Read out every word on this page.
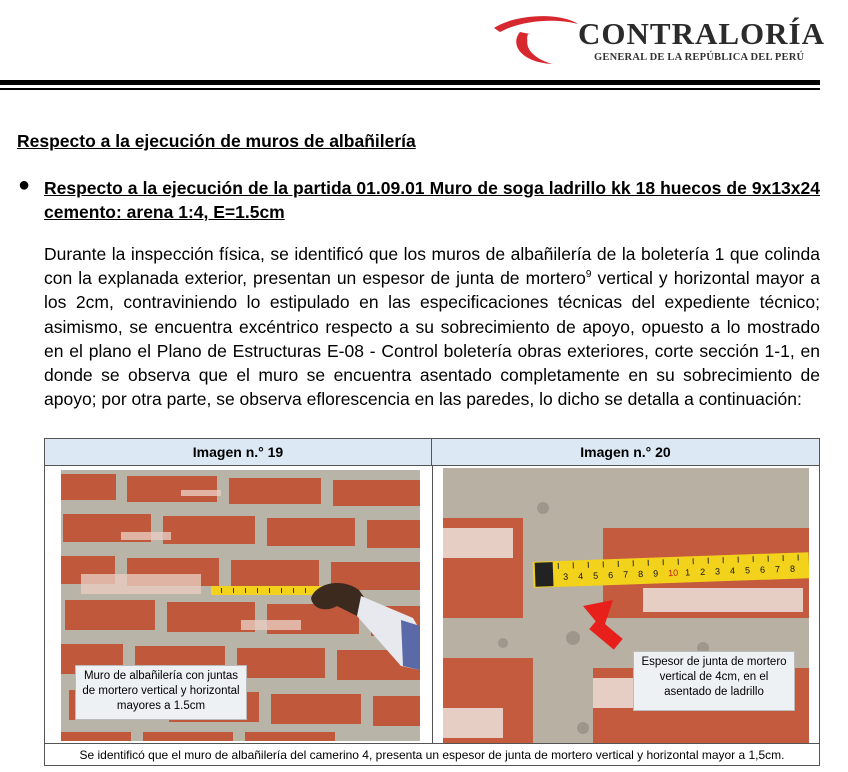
CONTRALORÍA
GENERAL DE LA REPÚBLICA DEL PERÚ
Respecto a la ejecución de muros de albañilería
● Respecto a la ejecución de la partida 01.09.01 Muro de soga ladrillo kk 18 huecos de 9x13x24 cemento: arena 1:4, E=1.5cm
Durante la inspección física, se identificó que los muros de albañilería de la boletería 1 que colinda con la explanada exterior, presentan un espesor de junta de mortero$^9$ vertical y horizontal mayor a los 2cm, contraviniendo lo estipulado en las especificaciones técnicas del expediente técnico; asimismo, se encuentra excéntrico respecto a su sobrecimiento de apoyo, opuesto a lo mostrado en el plano el Plano de Estructuras E-08 - Control boletería obras exteriores, corte sección 1-1, en donde se observa que el muro se encuentra asentado completamente en su sobrecimiento de apoyo; por otra parte, se observa eflorescencia en las paredes, lo dicho se detalla a continuación:
Imagen n.° 19	Imagen n.° 20
3 4 5 6 7 8 9 10 1 2 3 4 5 6 7 8
Muro de albañilería con juntas de mortero vertical y horizontal mayores a 1.5cm
Espesor de junta de mortero vertical de 4cm, en el asentado de ladrillo
Se identificó que el muro de albañilería del camerino 4, presenta un espesor de junta de mortero vertical y horizontal mayor a 1,5cm.
